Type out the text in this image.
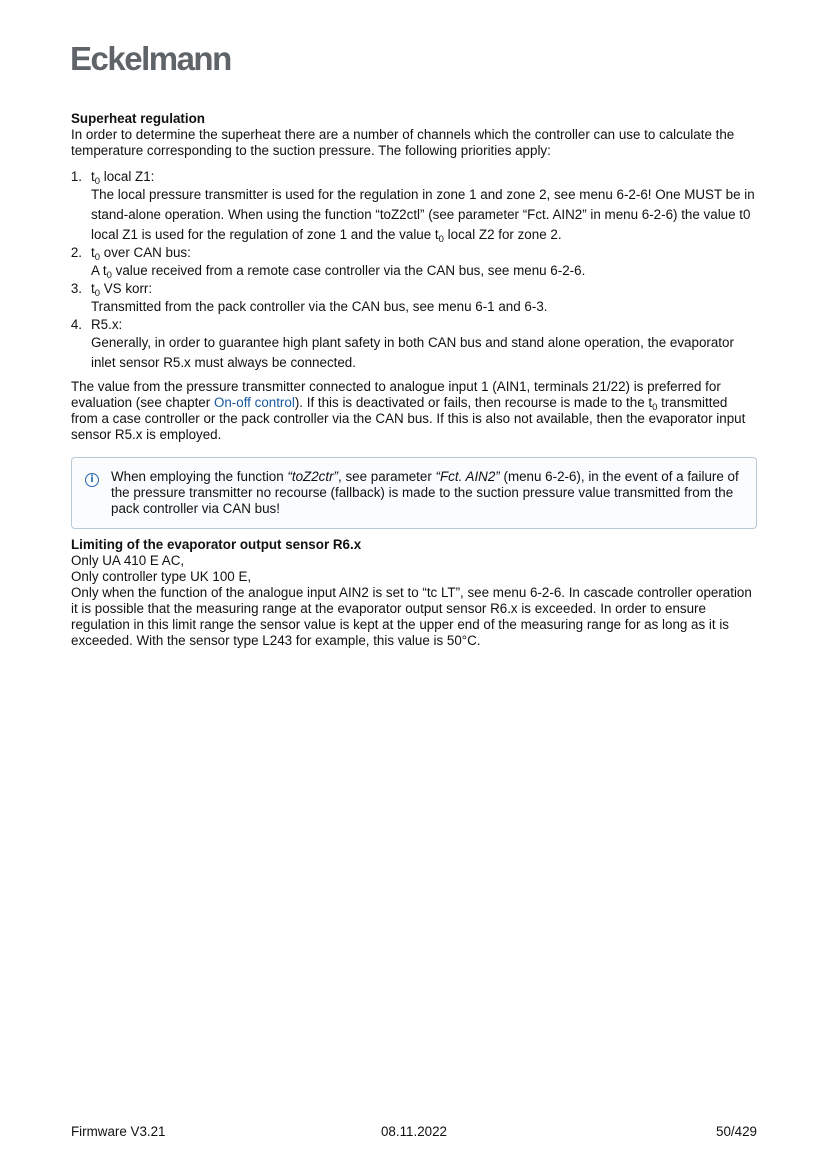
Eckelmann

Superheat regulation

In order to determine the superheat there are a number of channels which the controller can use to calculate the temperature corresponding to the suction pressure. The following priorities apply:

1. $t_0$ local Z1:
The local pressure transmitter is used for the regulation in zone 1 and zone 2, see menu 6-2-6! One MUST be in stand-alone operation. When using the function “toZ2ctl” (see parameter “Fct. AIN2” in menu 6-2-6) the value t0 local Z1 is used for the regulation of zone 1 and the value $t_0$ local Z2 for zone 2.
2. $t_0$ over CAN bus:
A $t_0$ value received from a remote case controller via the CAN bus, see menu 6-2-6.
3. $t_0$ VS korr:
Transmitted from the pack controller via the CAN bus, see menu 6-1 and 6-3.
4. R5.x:
Generally, in order to guarantee high plant safety in both CAN bus and stand alone operation, the evaporator inlet sensor R5.x must always be connected.

The value from the pressure transmitter connected to analogue input 1 (AIN1, terminals 21/22) is preferred for evaluation (see chapter On-off control). If this is deactivated or fails, then recourse is made to the $t_0$ transmitted from a case controller or the pack controller via the CAN bus. If this is also not available, then the evaporator input sensor R5.x is employed.

i	When employing the function “toZ2ctr”, see parameter “Fct. AIN2” (menu 6-2-6), in the event of a failure of the pressure transmitter no recourse (fallback) is made to the suction pressure value transmitted from the pack controller via CAN bus!

Limiting of the evaporator output sensor R6.x

Only UA 410 E AC,

Only controller type UK 100 E,

Only when the function of the analogue input AIN2 is set to “tc LT”, see menu 6-2-6. In cascade controller operation it is possible that the measuring range at the evaporator output sensor R6.x is exceeded. In order to ensure regulation in this limit range the sensor value is kept at the upper end of the measuring range for as long as it is exceeded. With the sensor type L243 for example, this value is 50°C.

Firmware V3.21	08.11.2022	50/429
